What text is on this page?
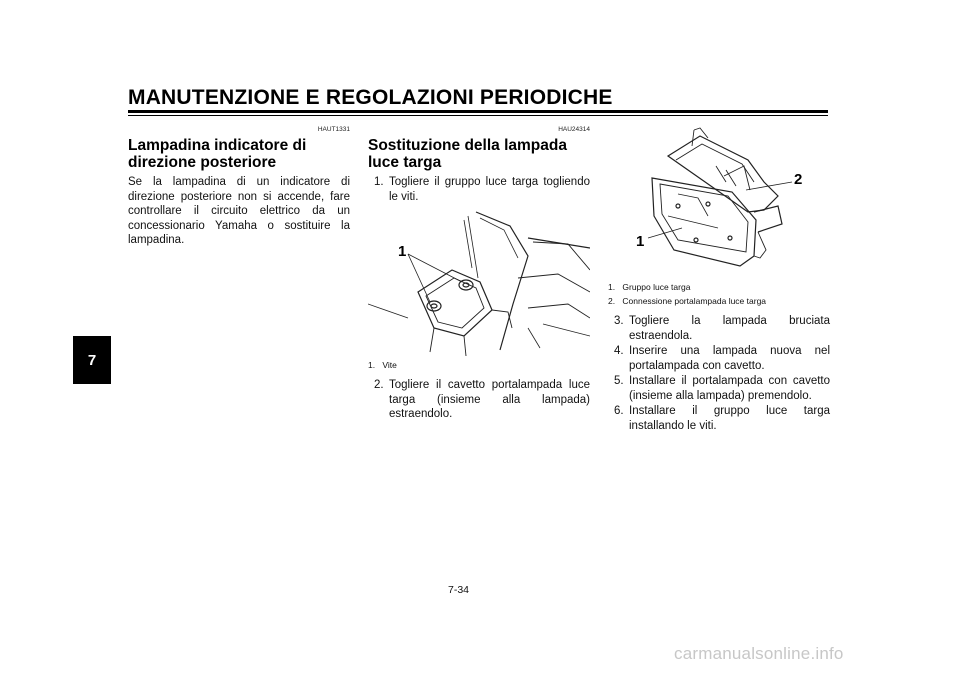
MANUTENZIONE E REGOLAZIONI PERIODICHE
7
HAUT1331
Lampadina indicatore di direzione posteriore
Se la lampadina di un indicatore di direzione posteriore non si accende, fare controllare il circuito elettrico da un concessionario Yamaha o sostituire la lampadina.
HAU24314
Sostituzione della lampada luce targa
1. Togliere il gruppo luce targa togliendo le viti.
1
1. Vite
2. Togliere il cavetto portalampada luce targa (insieme alla lampada) estraendolo.
2
1
1. Gruppo luce targa
2. Connessione portalampada luce targa
3. Togliere la lampada bruciata estraendola.
4. Inserire una lampada nuova nel portalampada con cavetto.
5. Installare il portalampada con cavetto (insieme alla lampada) premendolo.
6. Installare il gruppo luce targa installando le viti.
7-34
carmanualsonline.info
